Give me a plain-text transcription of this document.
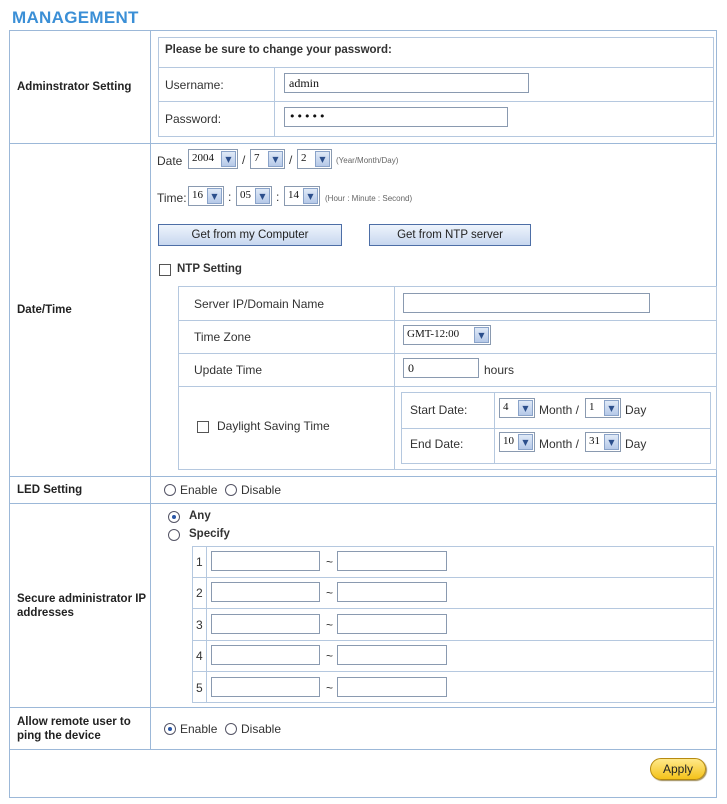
MANAGEMENT
Adminstrator Setting
Please be sure to change your password:
Username:	admin
Password:	•••••
Date/Time
Date 2004	▼ / 7	▼ / 2	▼	(Year/Month/Day)
Time: 16	▼ : 05	▼ : 14	▼	(Hour : Minute : Second)
Get from my Computer	Get from NTP server
NTP Setting
Server IP/Domain Name
Time Zone	GMT-12:00	▼
Update Time	0	hours
Daylight Saving Time
Start Date:	4	▼ Month / 1	▼ Day
End Date:	10	▼ Month / 31	▼ Day
LED Setting	Enable Disable
Secure administrator IP addresses
Any
Specify
1	~
2	~
3	~
4	~
5	~
Allow remote user to ping the device	Enable Disable
Apply
